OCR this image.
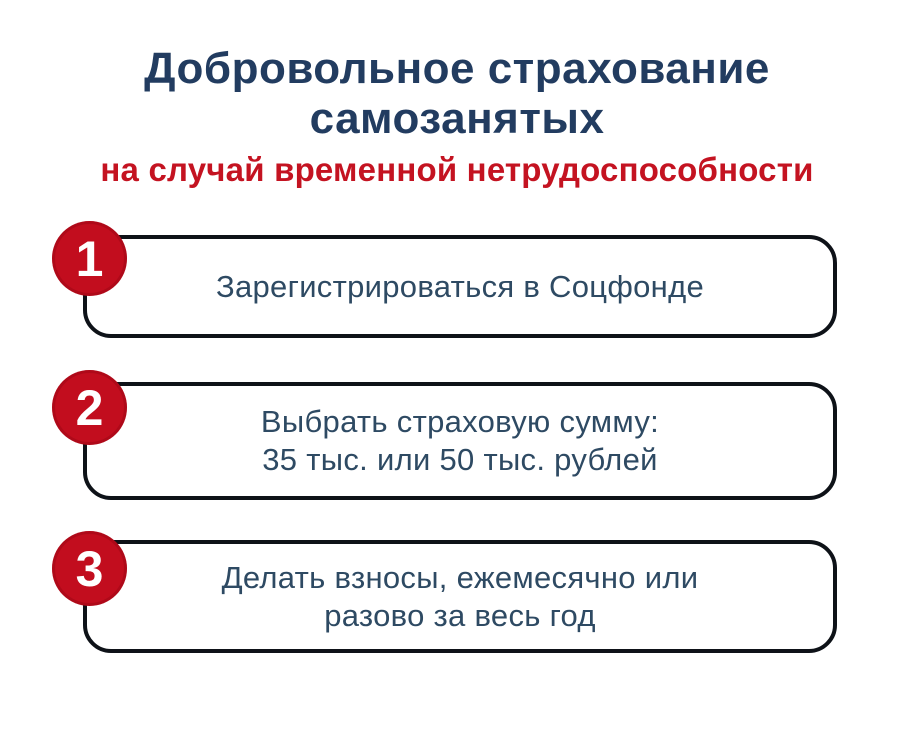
Добровольное страхование
самозанятых
на случай временной нетрудоспособности
1	Зарегистрироваться в Соцфонде
2	Выбрать страховую сумму:
35 тыс. или 50 тыс. рублей
3	Делать взносы, ежемесячно или
разово за весь год
